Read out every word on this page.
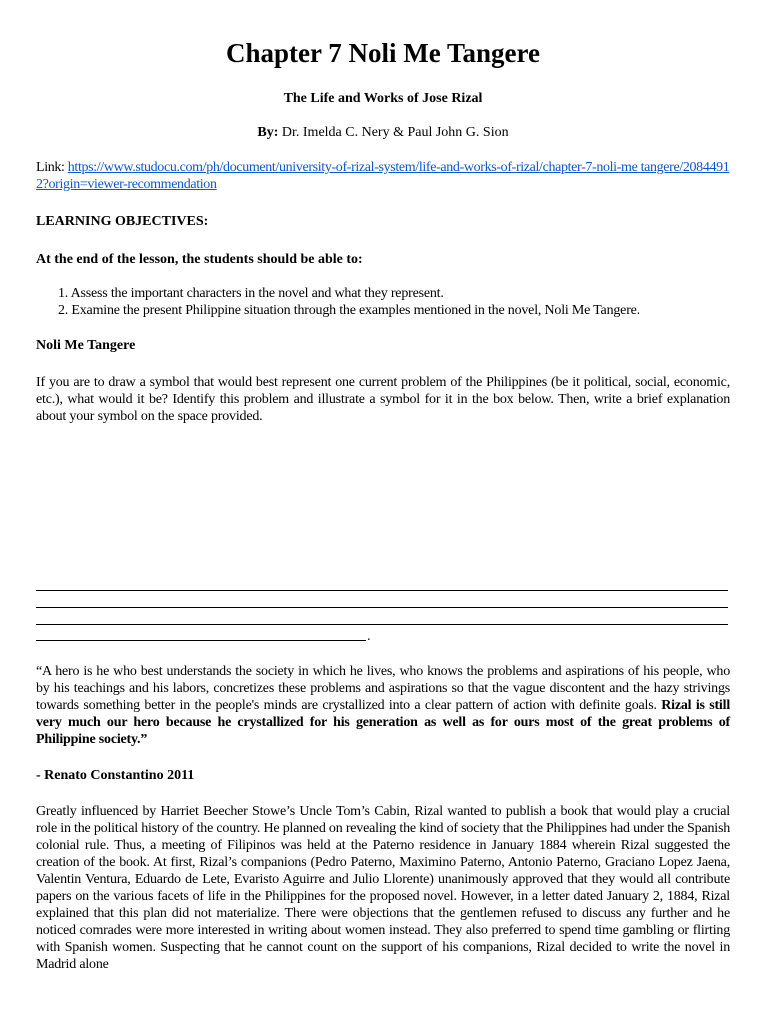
Chapter 7 Noli Me Tangere
The Life and Works of Jose Rizal
By: Dr. Imelda C. Nery & Paul John G. Sion
Link: https://www.studocu.com/ph/document/university-of-rizal-system/life-and-works-of-rizal/chapter-7-noli-me tangere/20844912?origin=viewer-recommendation
LEARNING OBJECTIVES:
At the end of the lesson, the students should be able to:
1. Assess the important characters in the novel and what they represent.
2. Examine the present Philippine situation through the examples mentioned in the novel, Noli Me Tangere.
Noli Me Tangere
If you are to draw a symbol that would best represent one current problem of the Philippines (be it political, social, economic, etc.), what would it be? Identify this problem and illustrate a symbol for it in the box below. Then, write a brief explanation about your symbol on the space provided.
.
“A hero is he who best understands the society in which he lives, who knows the problems and aspirations of his people, who by his teachings and his labors, concretizes these problems and aspirations so that the vague discontent and the hazy strivings towards something better in the people's minds are crystallized into a clear pattern of action with definite goals. Rizal is still very much our hero because he crystallized for his generation as well as for ours most of the great problems of Philippine society.”
- Renato Constantino 2011
Greatly influenced by Harriet Beecher Stowe’s Uncle Tom’s Cabin, Rizal wanted to publish a book that would play a crucial role in the political history of the country. He planned on revealing the kind of society that the Philippines had under the Spanish colonial rule. Thus, a meeting of Filipinos was held at the Paterno residence in January 1884 wherein Rizal suggested the creation of the book. At first, Rizal’s companions (Pedro Paterno, Maximino Paterno, Antonio Paterno, Graciano Lopez Jaena, Valentin Ventura, Eduardo de Lete, Evaristo Aguirre and Julio Llorente) unanimously approved that they would all contribute papers on the various facets of life in the Philippines for the proposed novel. However, in a letter dated January 2, 1884, Rizal explained that this plan did not materialize. There were objections that the gentlemen refused to discuss any further and he noticed comrades were more interested in writing about women instead. They also preferred to spend time gambling or flirting with Spanish women. Suspecting that he cannot count on the support of his companions, Rizal decided to write the novel in Madrid alone
